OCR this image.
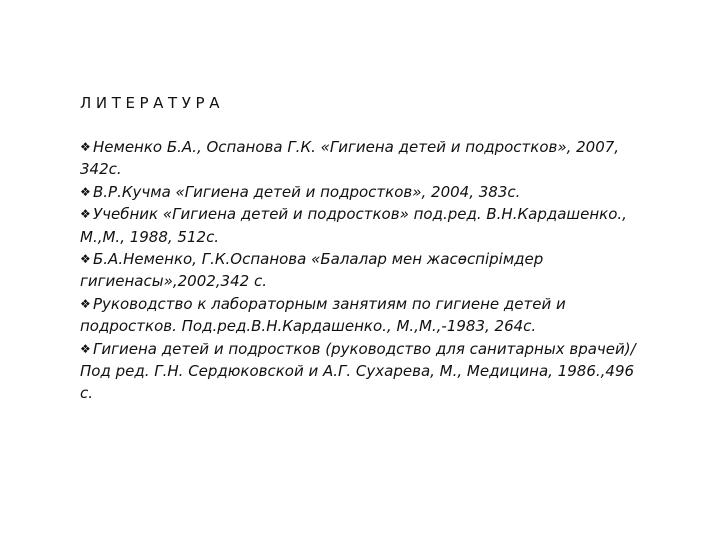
ЛИТЕРАТУРА
❖ Неменко Б.А., Оспанова Г.К. «Гигиена детей и подростков», 2007, 342с.
❖ В.Р.Кучма «Гигиена детей и подростков», 2004, 383с.
❖ Учебник «Гигиена детей и подростков» под.ред. В.Н.Кардашенко., М.,М., 1988, 512с.
❖ Б.А.Неменко, Г.К.Оспанова «Балалар мен жасөспірімдер гигиенасы»,2002,342 с.
❖ Руководство к лабораторным занятиям по гигиене детей и подростков. Под.ред.В.Н.Кардашенко., М.,М.,-1983, 264с.
❖ Гигиена детей и подростков (руководство для санитарных врачей)/Под ред. Г.Н. Сердюковской и А.Г. Сухарева, М., Медицина, 1986.,496 с.
